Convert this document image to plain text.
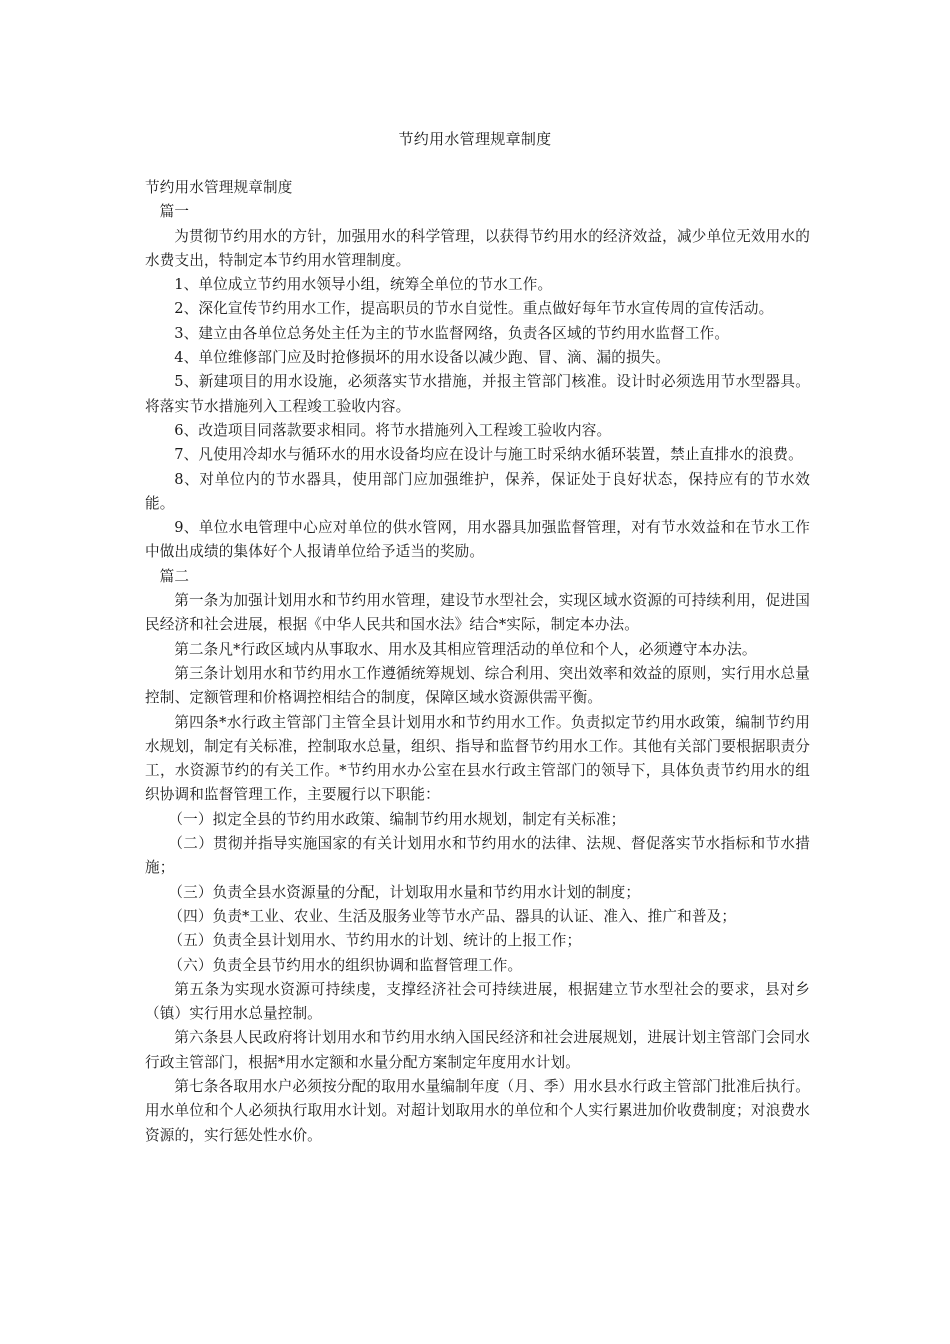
节约用水管理规章制度

节约用水管理规章制度

篇一

为贯彻节约用水的方针，加强用水的科学管理，以获得节约用水的经济效益，减少单位无效用水的水费支出，特制定本节约用水管理制度。

1、单位成立节约用水领导小组，统筹全单位的节水工作。

2、深化宣传节约用水工作，提高职员的节水自觉性。重点做好每年节水宣传周的宣传活动。

3、建立由各单位总务处主任为主的节水监督网络，负责各区域的节约用水监督工作。

4、单位维修部门应及时抢修损坏的用水设备以减少跑、冒、滴、漏的损失。

5、新建项目的用水设施，必须落实节水措施，并报主管部门核准。设计时必须选用节水型器具。将落实节水措施列入工程竣工验收内容。

6、改造项目同落款要求相同。将节水措施列入工程竣工验收内容。

7、凡使用冷却水与循环水的用水设备均应在设计与施工时采纳水循环装置，禁止直排水的浪费。

8、对单位内的节水器具，使用部门应加强维护，保养，保证处于良好状态，保持应有的节水效能。

9、单位水电管理中心应对单位的供水管网，用水器具加强监督管理，对有节水效益和在节水工作中做出成绩的集体好个人报请单位给予适当的奖励。

篇二

第一条为加强计划用水和节约用水管理，建设节水型社会，实现区域水资源的可持续利用，促进国民经济和社会进展，根据《中华人民共和国水法》结合*实际，制定本办法。

第二条凡*行政区域内从事取水、用水及其相应管理活动的单位和个人，必须遵守本办法。

第三条计划用水和节约用水工作遵循统筹规划、综合利用、突出效率和效益的原则，实行用水总量控制、定额管理和价格调控相结合的制度，保障区域水资源供需平衡。

第四条*水行政主管部门主管全县计划用水和节约用水工作。负责拟定节约用水政策，编制节约用水规划，制定有关标准，控制取水总量，组织、指导和监督节约用水工作。其他有关部门要根据职责分工，水资源节约的有关工作。*节约用水办公室在县水行政主管部门的领导下，具体负责节约用水的组织协调和监督管理工作，主要履行以下职能：

（一）拟定全县的节约用水政策、编制节约用水规划，制定有关标准；

（二）贯彻并指导实施国家的有关计划用水和节约用水的法律、法规、督促落实节水指标和节水措施；

（三）负责全县水资源量的分配，计划取用水量和节约用水计划的制度；

（四）负责*工业、农业、生活及服务业等节水产品、器具的认证、准入、推广和普及；

（五）负责全县计划用水、节约用水的计划、统计的上报工作；

（六）负责全县节约用水的组织协调和监督管理工作。

第五条为实现水资源可持续虔，支撑经济社会可持续进展，根据建立节水型社会的要求，县对乡（镇）实行用水总量控制。

第六条县人民政府将计划用水和节约用水纳入国民经济和社会进展规划，进展计划主管部门会同水行政主管部门，根据*用水定额和水量分配方案制定年度用水计划。

第七条各取用水户必须按分配的取用水量编制年度（月、季）用水县水行政主管部门批准后执行。用水单位和个人必须执行取用水计划。对超计划取用水的单位和个人实行累进加价收费制度；对浪费水资源的，实行惩处性水价。
